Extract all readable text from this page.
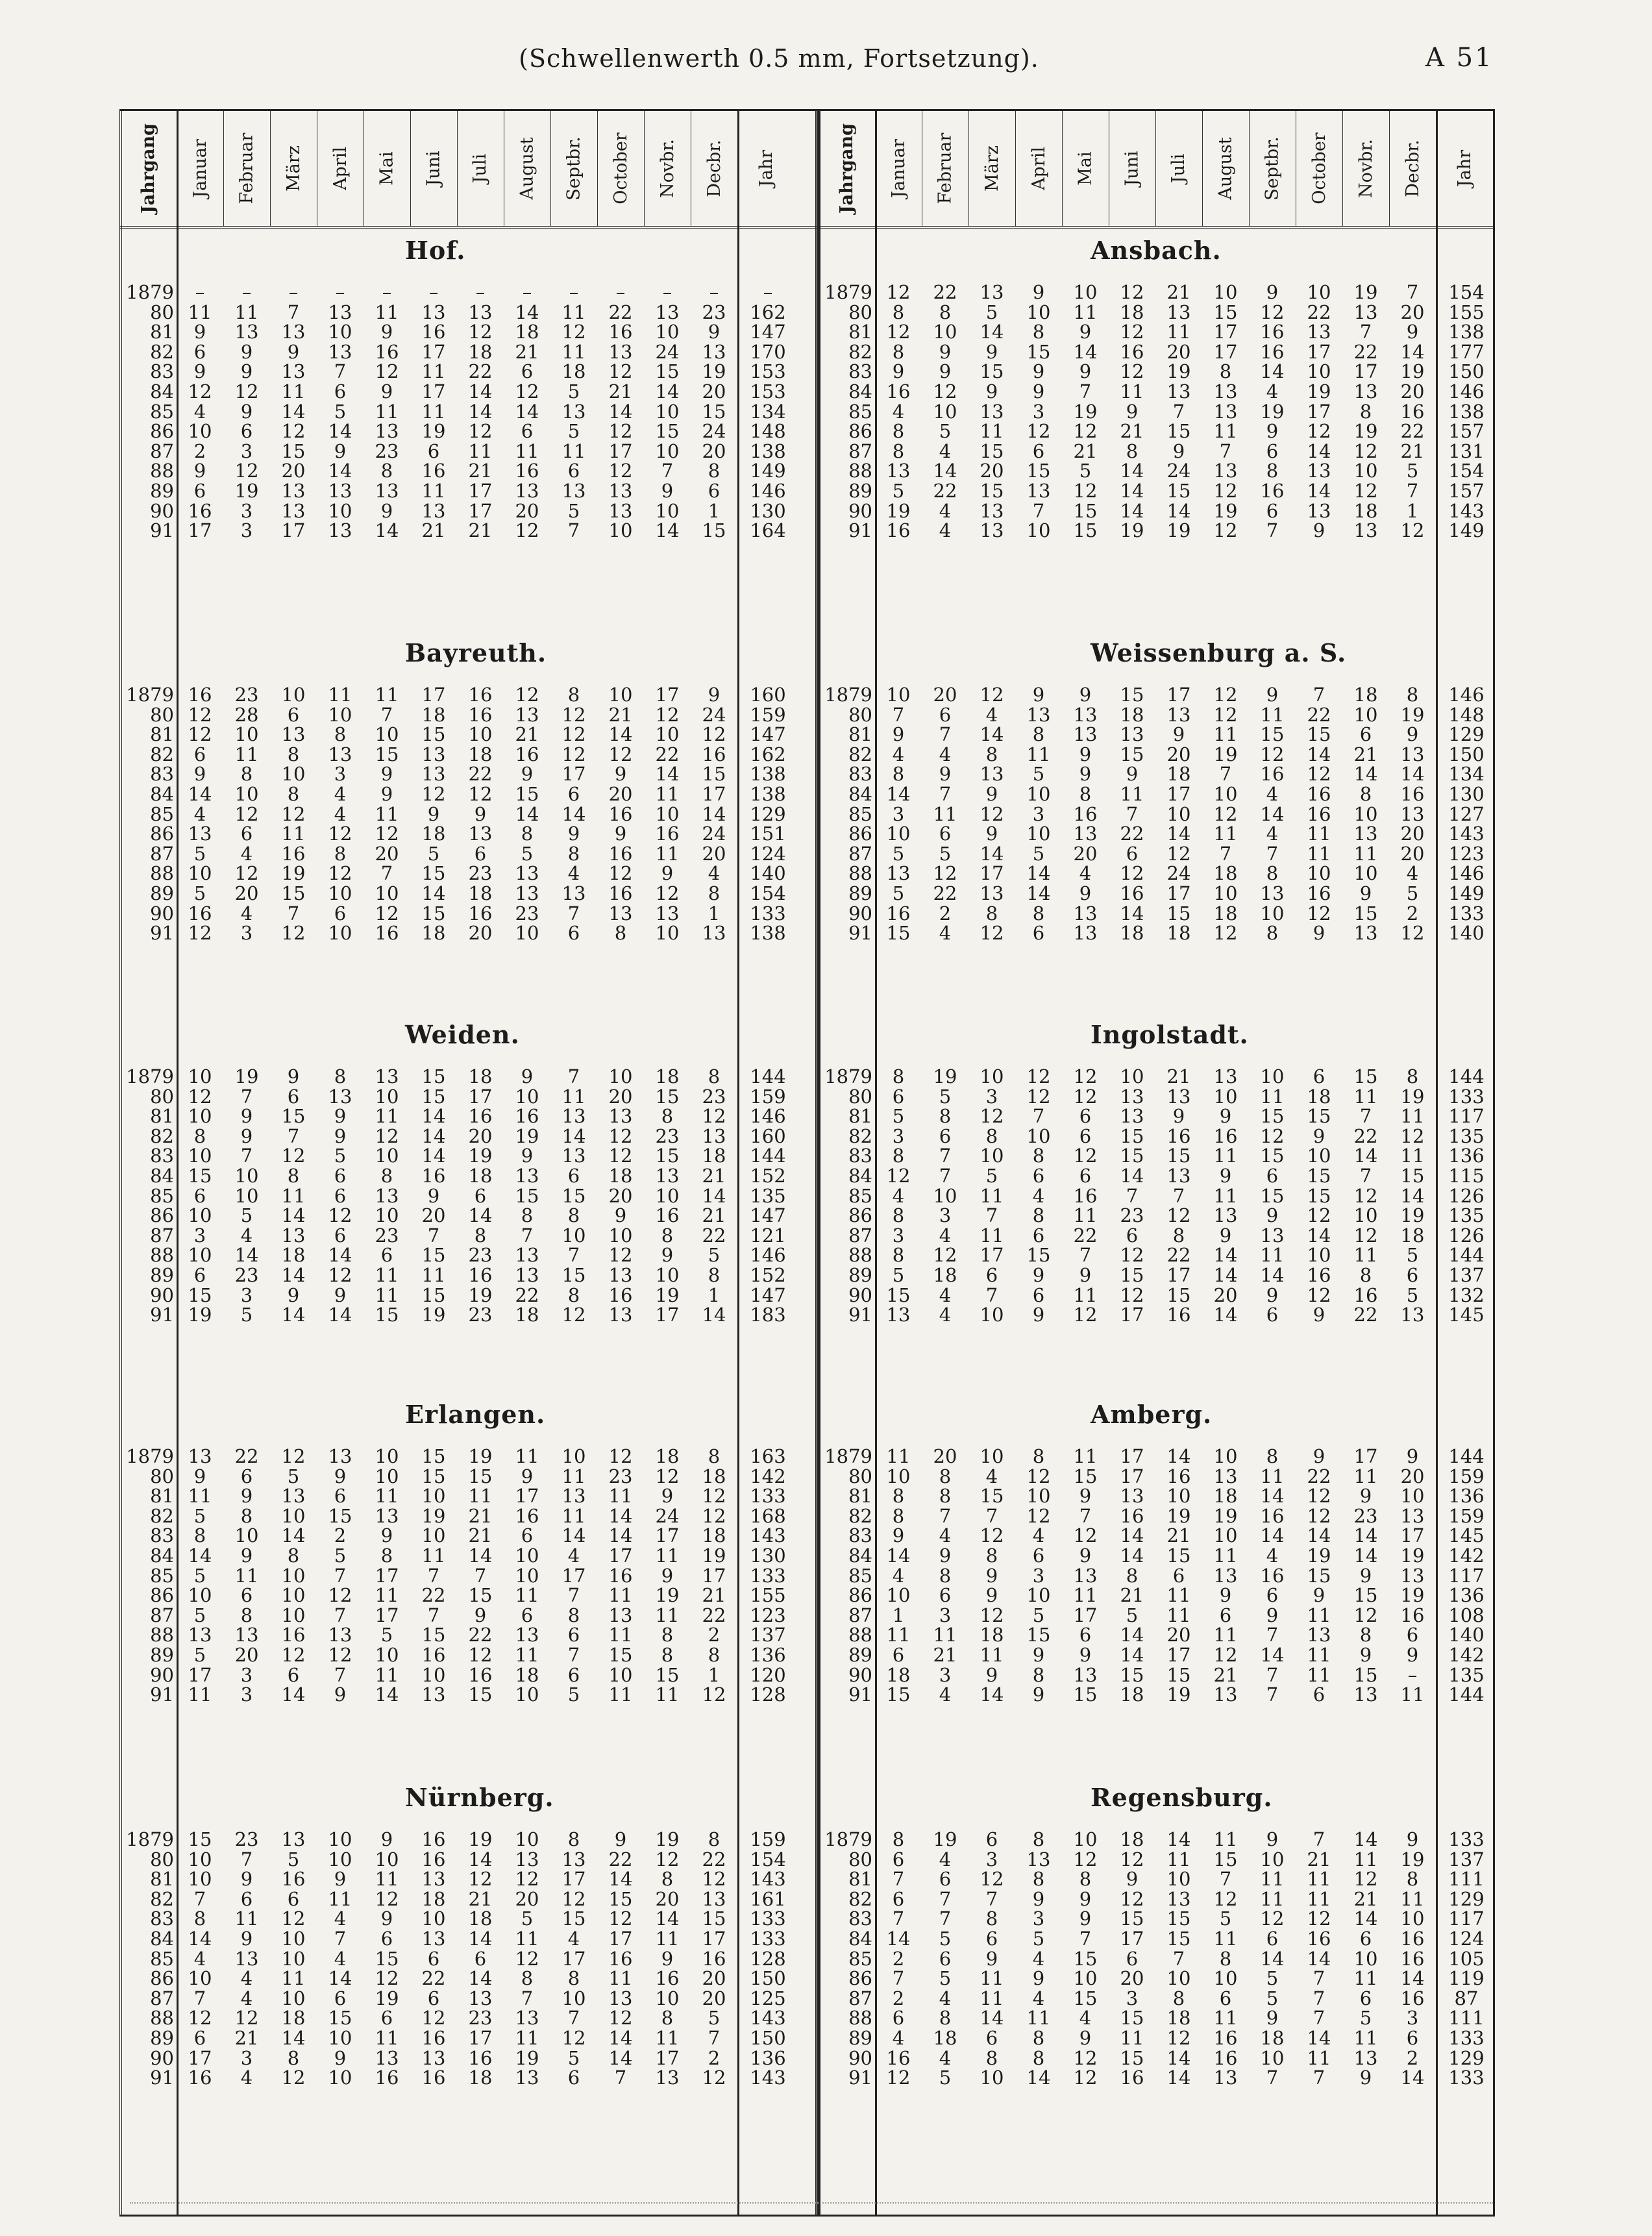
(Schwellenwerth 0.5 mm, Fortsetzung).	A 51
Jahrgang Januar Februar März April Mai Juni Juli August Septbr. October Novbr. Decbr. Jahr	Jahrgang Januar Februar März April Mai Juni Juli August Septbr. October Novbr. Decbr. Jahr
Hof.
1879	–	–	–	–	–	–	–	–	–	–	–	–	–
80 11	11	7	13	11	13	13	14	11	22	13	23	162
81	9	13	13	10	9	16	12	18	12	16	10	9	147
82	6	9	9	13	16	17	18	21	11	13	24	13	170
83	9	9	13	7	12	11	22	6	18	12	15	19	153
84 12	12	11	6	9	17	14	12	5	21	14	20	153
85	4	9	14	5	11	11	14	14	13	14	10	15	134
86 10	6	12	14	13	19	12	6	5	12	15	24	148
87	2	3	15	9	23	6	11	11	11	17	10	20	138
88	9	12	20	14	8	16	21	16	6	12	7	8	149
89	6	19	13	13	13	11	17	13	13	13	9	6	146
90 16	3	13	10	9	13	17	20	5	13	10	1	130
91 17	3	17	13	14	21	21	12	7	10	14	15	164
Ansbach.
1879 12	22	13	9	10	12	21	10	9	10	19	7	154
80	8	8	5	10	11	18	13	15	12	22	13	20	155
81 12	10	14	8	9	12	11	17	16	13	7	9	138
82	8	9	9	15	14	16	20	17	16	17	22	14	177
83	9	9	15	9	9	12	19	8	14	10	17	19	150
84 16	12	9	9	7	11	13	13	4	19	13	20	146
85	4	10	13	3	19	9	7	13	19	17	8	16	138
86	8	5	11	12	12	21	15	11	9	12	19	22	157
87	8	4	15	6	21	8	9	7	6	14	12	21	131
88 13	14	20	15	5	14	24	13	8	13	10	5	154
89	5	22	15	13	12	14	15	12	16	14	12	7	157
90 19	4	13	7	15	14	14	19	6	13	18	1	143
91 16	4	13	10	15	19	19	12	7	9	13	12	149
Bayreuth.
1879 16	23	10	11	11	17	16	12	8	10	17	9	160
80 12	28	6	10	7	18	16	13	12	21	12	24	159
81 12	10	13	8	10	15	10	21	12	14	10	12	147
82	6	11	8	13	15	13	18	16	12	12	22	16	162
83	9	8	10	3	9	13	22	9	17	9	14	15	138
84 14	10	8	4	9	12	12	15	6	20	11	17	138
85	4	12	12	4	11	9	9	14	14	16	10	14	129
86 13	6	11	12	12	18	13	8	9	9	16	24	151
87	5	4	16	8	20	5	6	5	8	16	11	20	124
88 10	12	19	12	7	15	23	13	4	12	9	4	140
89	5	20	15	10	10	14	18	13	13	16	12	8	154
90 16	4	7	6	12	15	16	23	7	13	13	1	133
91 12	3	12	10	16	18	20	10	6	8	10	13	138
Weissenburg a. S.
1879 10	20	12	9	9	15	17	12	9	7	18	8	146
80	7	6	4	13	13	18	13	12	11	22	10	19	148
81	9	7	14	8	13	13	9	11	15	15	6	9	129
82	4	4	8	11	9	15	20	19	12	14	21	13	150
83	8	9	13	5	9	9	18	7	16	12	14	14	134
84 14	7	9	10	8	11	17	10	4	16	8	16	130
85	3	11	12	3	16	7	10	12	14	16	10	13	127
86 10	6	9	10	13	22	14	11	4	11	13	20	143
87	5	5	14	5	20	6	12	7	7	11	11	20	123
88 13	12	17	14	4	12	24	18	8	10	10	4	146
89	5	22	13	14	9	16	17	10	13	16	9	5	149
90 16	2	8	8	13	14	15	18	10	12	15	2	133
91 15	4	12	6	13	18	18	12	8	9	13	12	140
Weiden.
1879 10	19	9	8	13	15	18	9	7	10	18	8	144
80 12	7	6	13	10	15	17	10	11	20	15	23	159
81 10	9	15	9	11	14	16	16	13	13	8	12	146
82	8	9	7	9	12	14	20	19	14	12	23	13	160
83 10	7	12	5	10	14	19	9	13	12	15	18	144
84 15	10	8	6	8	16	18	13	6	18	13	21	152
85	6	10	11	6	13	9	6	15	15	20	10	14	135
86 10	5	14	12	10	20	14	8	8	9	16	21	147
87	3	4	13	6	23	7	8	7	10	10	8	22	121
88 10	14	18	14	6	15	23	13	7	12	9	5	146
89	6	23	14	12	11	11	16	13	15	13	10	8	152
90 15	3	9	9	11	15	19	22	8	16	19	1	147
91 19	5	14	14	15	19	23	18	12	13	17	14	183
Ingolstadt.
1879	8	19	10	12	12	10	21	13	10	6	15	8	144
80	6	5	3	12	12	13	13	10	11	18	11	19	133
81	5	8	12	7	6	13	9	9	15	15	7	11	117
82	3	6	8	10	6	15	16	16	12	9	22	12	135
83	8	7	10	8	12	15	15	11	15	10	14	11	136
84 12	7	5	6	6	14	13	9	6	15	7	15	115
85	4	10	11	4	16	7	7	11	15	15	12	14	126
86	8	3	7	8	11	23	12	13	9	12	10	19	135
87	3	4	11	6	22	6	8	9	13	14	12	18	126
88	8	12	17	15	7	12	22	14	11	10	11	5	144
89	5	18	6	9	9	15	17	14	14	16	8	6	137
90 15	4	7	6	11	12	15	20	9	12	16	5	132
91 13	4	10	9	12	17	16	14	6	9	22	13	145
Erlangen.
1879 13	22	12	13	10	15	19	11	10	12	18	8	163
80	9	6	5	9	10	15	15	9	11	23	12	18	142
81 11	9	13	6	11	10	11	17	13	11	9	12	133
82	5	8	10	15	13	19	21	16	11	14	24	12	168
83	8	10	14	2	9	10	21	6	14	14	17	18	143
84 14	9	8	5	8	11	14	10	4	17	11	19	130
85	5	11	10	7	17	7	7	10	17	16	9	17	133
86 10	6	10	12	11	22	15	11	7	11	19	21	155
87	5	8	10	7	17	7	9	6	8	13	11	22	123
88 13	13	16	13	5	15	22	13	6	11	8	2	137
89	5	20	12	12	10	16	12	11	7	15	8	8	136
90 17	3	6	7	11	10	16	18	6	10	15	1	120
91 11	3	14	9	14	13	15	10	5	11	11	12	128
Amberg.
1879 11	20	10	8	11	17	14	10	8	9	17	9	144
80 10	8	4	12	15	17	16	13	11	22	11	20	159
81	8	8	15	10	9	13	10	18	14	12	9	10	136
82	8	7	7	12	7	16	19	19	16	12	23	13	159
83	9	4	12	4	12	14	21	10	14	14	14	17	145
84 14	9	8	6	9	14	15	11	4	19	14	19	142
85	4	8	9	3	13	8	6	13	16	15	9	13	117
86 10	6	9	10	11	21	11	9	6	9	15	19	136
87	1	3	12	5	17	5	11	6	9	11	12	16	108
88 11	11	18	15	6	14	20	11	7	13	8	6	140
89	6	21	11	9	9	14	17	12	14	11	9	9	142
90 18	3	9	8	13	15	15	21	7	11	15	–	135
91 15	4	14	9	15	18	19	13	7	6	13	11	144
Nürnberg.
1879 15	23	13	10	9	16	19	10	8	9	19	8	159
80 10	7	5	10	10	16	14	13	13	22	12	22	154
81 10	9	16	9	11	13	12	12	17	14	8	12	143
82	7	6	6	11	12	18	21	20	12	15	20	13	161
83	8	11	12	4	9	10	18	5	15	12	14	15	133
84 14	9	10	7	6	13	14	11	4	17	11	17	133
85	4	13	10	4	15	6	6	12	17	16	9	16	128
86 10	4	11	14	12	22	14	8	8	11	16	20	150
87	7	4	10	6	19	6	13	7	10	13	10	20	125
88 12	12	18	15	6	12	23	13	7	12	8	5	143
89	6	21	14	10	11	16	17	11	12	14	11	7	150
90 17	3	8	9	13	13	16	19	5	14	17	2	136
91 16	4	12	10	16	16	18	13	6	7	13	12	143
Regensburg.
1879	8	19	6	8	10	18	14	11	9	7	14	9	133
80	6	4	3	13	12	12	11	15	10	21	11	19	137
81	7	6	12	8	8	9	10	7	11	11	12	8	111
82	6	7	7	9	9	12	13	12	11	11	21	11	129
83	7	7	8	3	9	15	15	5	12	12	14	10	117
84 14	5	6	5	7	17	15	11	6	16	6	16	124
85	2	6	9	4	15	6	7	8	14	14	10	16	105
86	7	5	11	9	10	20	10	10	5	7	11	14	119
87	2	4	11	4	15	3	8	6	5	7	6	16	87
88	6	8	14	11	4	15	18	11	9	7	5	3	111
89	4	18	6	8	9	11	12	16	18	14	11	6	133
90 16	4	8	8	12	15	14	16	10	11	13	2	129
91 12	5	10	14	12	16	14	13	7	7	9	14	133
